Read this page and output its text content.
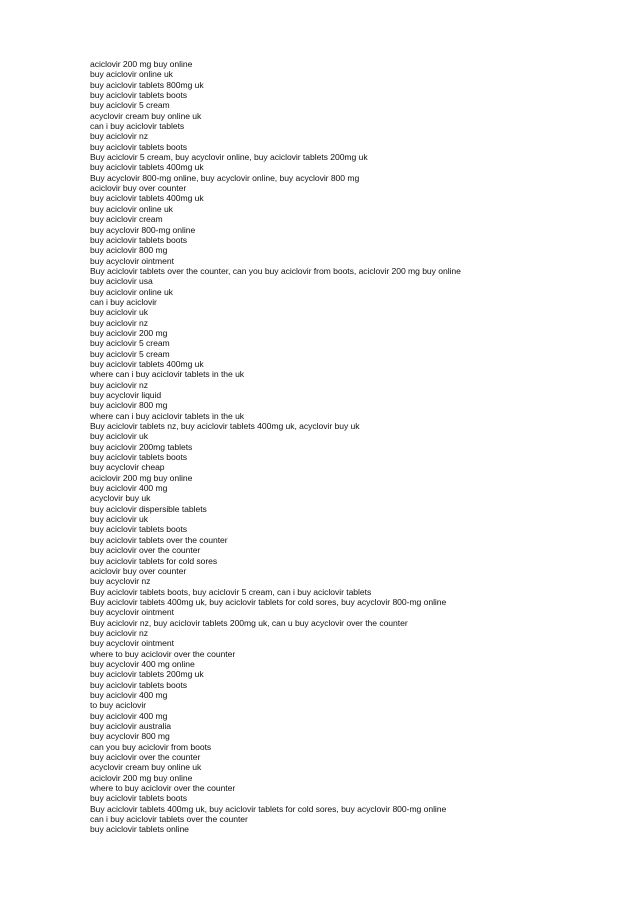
aciclovir 200 mg buy online
buy aciclovir online uk
buy aciclovir tablets 800mg uk
buy aciclovir tablets boots
buy aciclovir 5 cream
acyclovir cream buy online uk
can i buy aciclovir tablets
buy aciclovir nz
buy aciclovir tablets boots
Buy aciclovir 5 cream, buy acyclovir online, buy aciclovir tablets 200mg uk
buy aciclovir tablets 400mg uk
Buy acyclovir 800-mg online, buy acyclovir online, buy acyclovir 800 mg
aciclovir buy over counter
buy aciclovir tablets 400mg uk
buy aciclovir online uk
buy aciclovir cream
buy acyclovir 800-mg online
buy aciclovir tablets boots
buy aciclovir 800 mg
buy acyclovir ointment
Buy aciclovir tablets over the counter, can you buy aciclovir from boots, aciclovir 200 mg buy online
buy aciclovir usa
buy aciclovir online uk
can i buy aciclovir
buy aciclovir uk
buy aciclovir nz
buy aciclovir 200 mg
buy aciclovir 5 cream
buy aciclovir 5 cream
buy aciclovir tablets 400mg uk
where can i buy aciclovir tablets in the uk
buy aciclovir nz
buy acyclovir liquid
buy aciclovir 800 mg
where can i buy aciclovir tablets in the uk
Buy aciclovir tablets nz, buy aciclovir tablets 400mg uk, acyclovir buy uk
buy aciclovir uk
buy aciclovir 200mg tablets
buy aciclovir tablets boots
buy acyclovir cheap
aciclovir 200 mg buy online
buy aciclovir 400 mg
acyclovir buy uk
buy aciclovir dispersible tablets
buy aciclovir uk
buy aciclovir tablets boots
buy aciclovir tablets over the counter
buy aciclovir over the counter
buy aciclovir tablets for cold sores
aciclovir buy over counter
buy acyclovir nz
Buy aciclovir tablets boots, buy aciclovir 5 cream, can i buy aciclovir tablets
Buy aciclovir tablets 400mg uk, buy aciclovir tablets for cold sores, buy acyclovir 800-mg online
buy acyclovir ointment
Buy aciclovir nz, buy aciclovir tablets 200mg uk, can u buy acyclovir over the counter
buy aciclovir nz
buy acyclovir ointment
where to buy aciclovir over the counter
buy acyclovir 400 mg online
buy aciclovir tablets 200mg uk
buy aciclovir tablets boots
buy aciclovir 400 mg
to buy aciclovir
buy aciclovir 400 mg
buy aciclovir australia
buy acyclovir 800 mg
can you buy aciclovir from boots
buy aciclovir over the counter
acyclovir cream buy online uk
aciclovir 200 mg buy online
where to buy aciclovir over the counter
buy aciclovir tablets boots
Buy aciclovir tablets 400mg uk, buy aciclovir tablets for cold sores, buy acyclovir 800-mg online
can i buy aciclovir tablets over the counter
buy aciclovir tablets online
